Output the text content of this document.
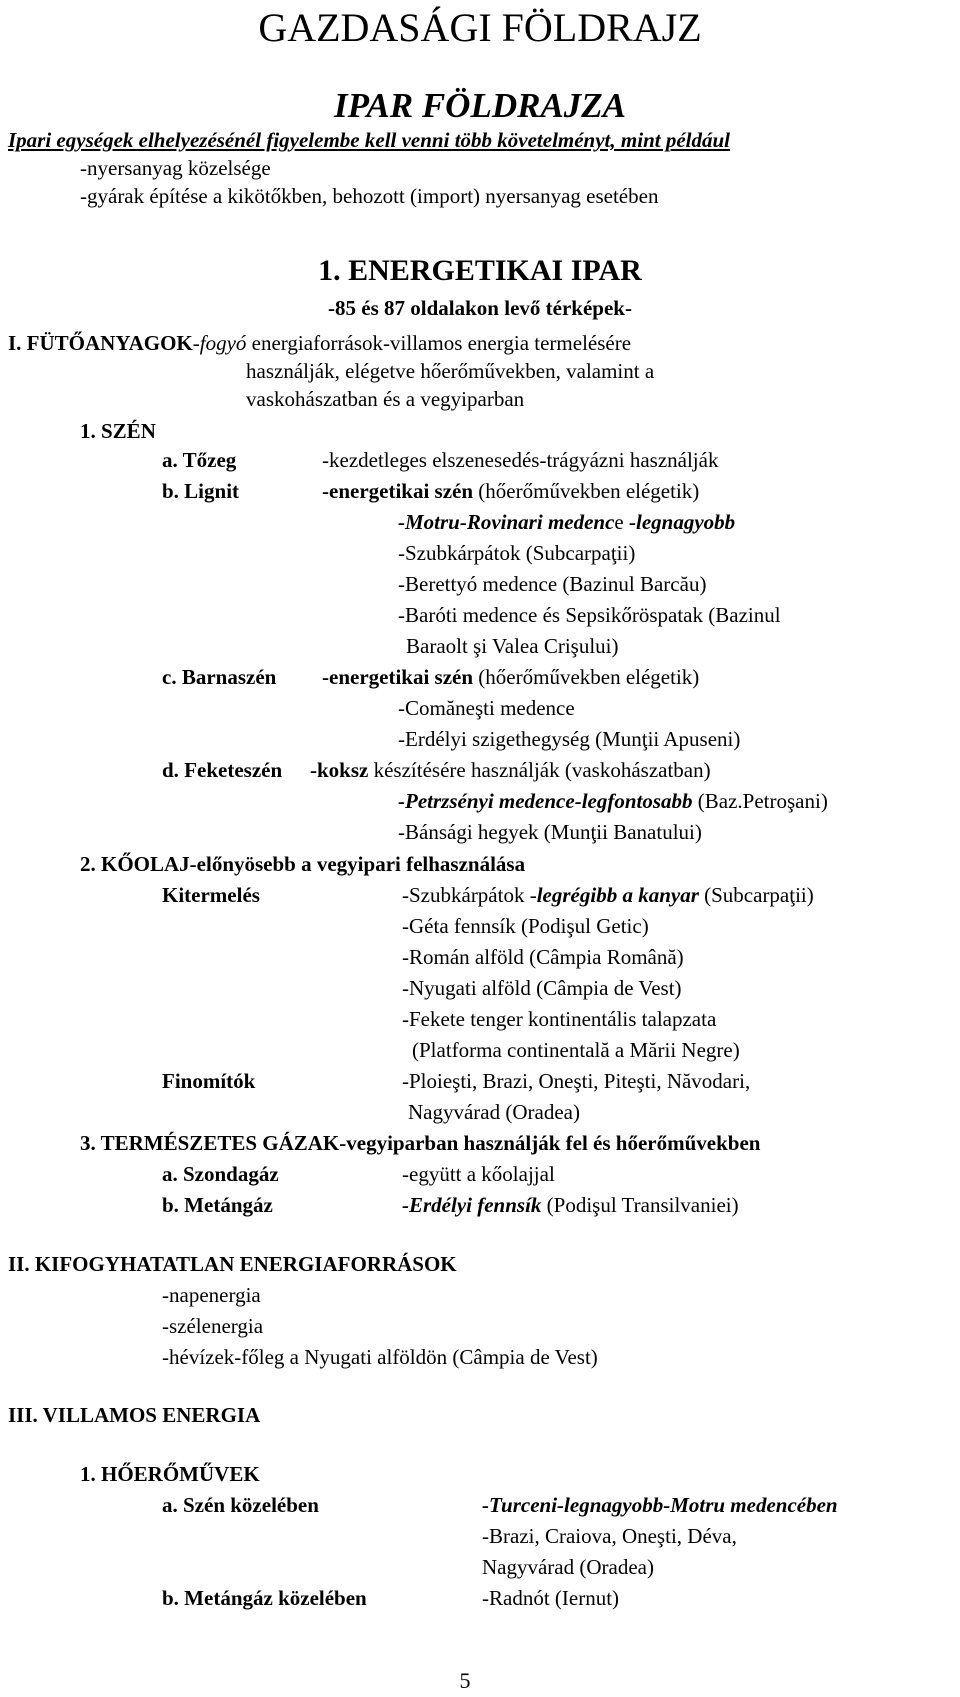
GAZDASÁGI FÖLDRAJZ
IPAR FÖLDRAJZA
Ipari egységek elhelyezésénél figyelembe kell venni több követelményt, mint például
-nyersanyag közelsége
-gyárak építése a kikötőkben, behozott (import) nyersanyag esetében
1. ENERGETIKAI IPAR
-85 és 87 oldalakon levő térképek-
I. FÜTŐANYAGOK-fogyó energiaforrások-villamos energia termelésére
használják, elégetve hőerőművekben, valamint a
vaskohászatban és a vegyiparban
1. SZÉN
a. Tőzeg	-kezdetleges elszenesedés-trágyázni használják
b. Lignit	-energetikai szén (hőerőművekben elégetik)
-Motru-Rovinari medence -legnagyobb
-Szubkárpátok (Subcarpaţii)
-Berettyó medence (Bazinul Barcău)
-Baróti medence és Sepsikőröspatak (Bazinul
Baraolt şi Valea Crişului)
c. Barnaszén -energetikai szén (hőerőművekben elégetik)
-Comăneşti medence
-Erdélyi szigethegység (Munţii Apuseni)
d. Feketeszén -koksz készítésére használják (vaskohászatban)
-Petrzsényi medence-legfontosabb (Baz.Petroşani)
-Bánsági hegyek (Munţii Banatului)
2. KŐOLAJ-előnyösebb a vegyipari felhasználása
Kitermelés	-Szubkárpátok -legrégibb a kanyar (Subcarpaţii)
-Géta fennsík (Podişul Getic)
-Román alföld (Câmpia Română)
-Nyugati alföld (Câmpia de Vest)
-Fekete tenger kontinentális talapzata
(Platforma continentală a Mării Negre)
Finomítók	-Ploieşti, Brazi, Oneşti, Piteşti, Năvodari,
Nagyvárad (Oradea)
3. TERMÉSZETES GÁZAK-vegyiparban használják fel és hőerőművekben
a. Szondagáz	-együtt a kőolajjal
b. Metángáz	-Erdélyi fennsík (Podişul Transilvaniei)
II. KIFOGYHATATLAN ENERGIAFORRÁSOK
-napenergia
-szélenergia
-hévízek-főleg a Nyugati alföldön (Câmpia de Vest)
III. VILLAMOS ENERGIA
1. HŐERŐMŰVEK
a. Szén közelében	-Turceni-legnagyobb-Motru medencében
-Brazi, Craiova, Oneşti, Déva,
Nagyvárad (Oradea)
b. Metángáz közelében	-Radnót (Iernut)
5
